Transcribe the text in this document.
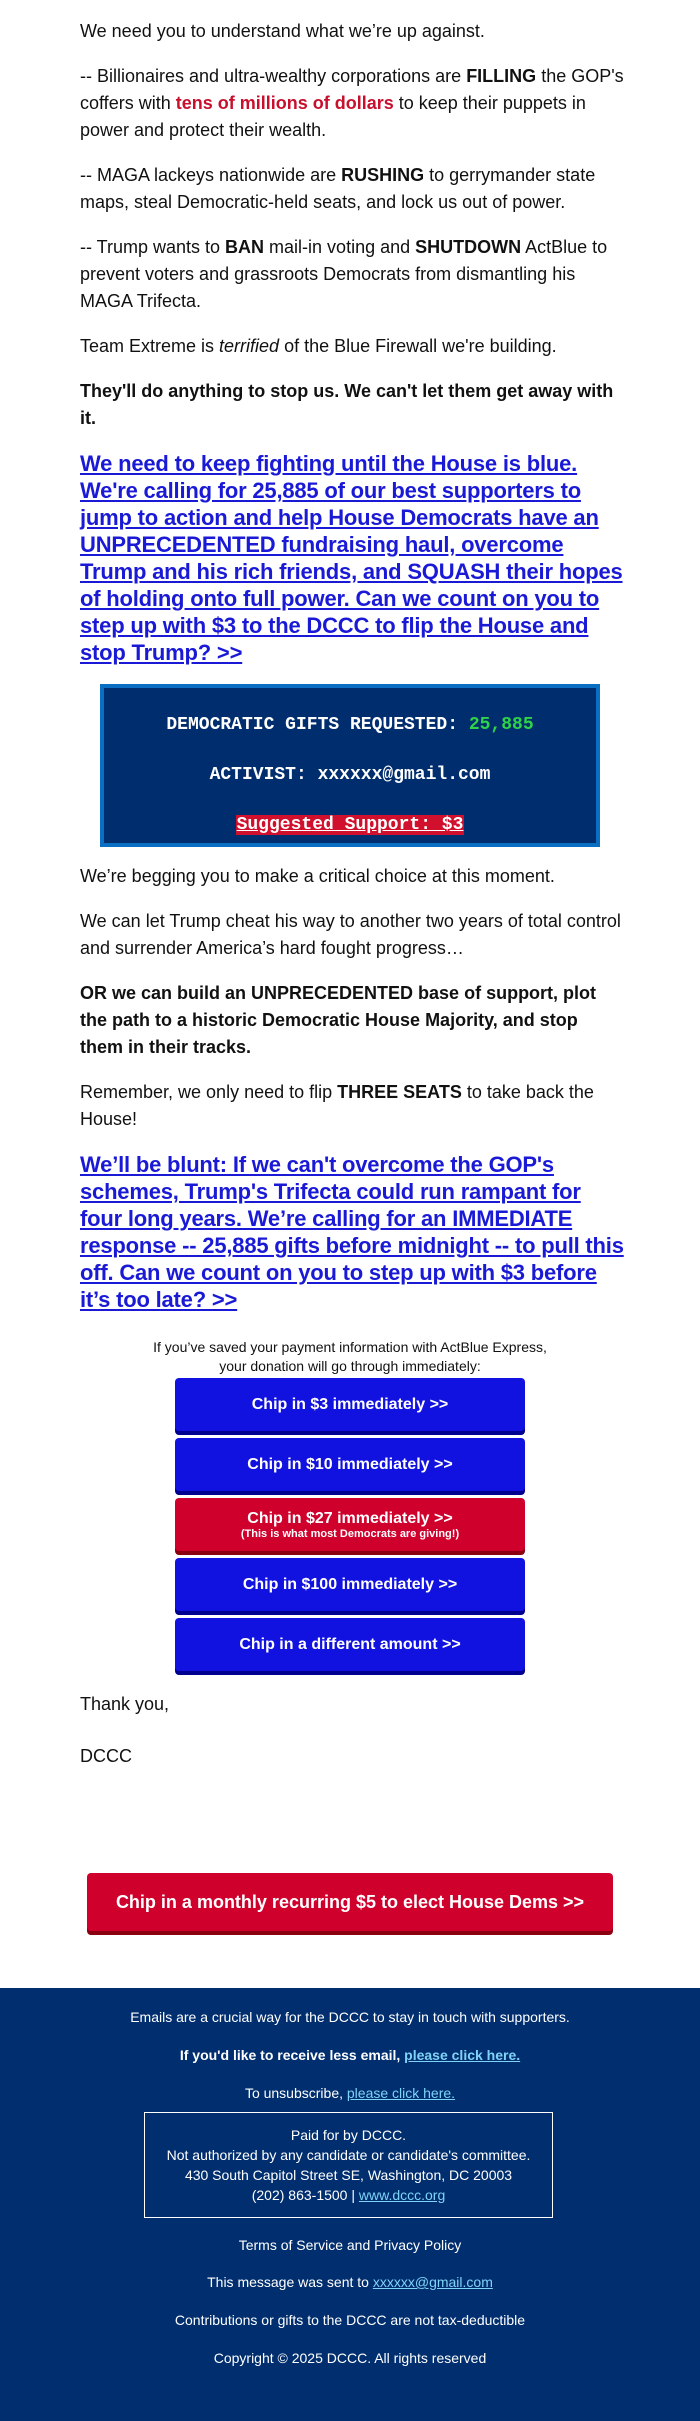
We need you to understand what we’re up against.

-- Billionaires and ultra-wealthy corporations are FILLING the GOP's coffers with tens of millions of dollars to keep their puppets in power and protect their wealth.

-- MAGA lackeys nationwide are RUSHING to gerrymander state maps, steal Democratic-held seats, and lock us out of power.

-- Trump wants to BAN mail-in voting and SHUTDOWN ActBlue to prevent voters and grassroots Democrats from dismantling his MAGA Trifecta.

Team Extreme is terrified of the Blue Firewall we're building.

They'll do anything to stop us. We can't let them get away with it.

We need to keep fighting until the House is blue. We're calling for 25,885 of our best supporters to jump to action and help House Democrats have an UNPRECEDENTED fundraising haul, overcome Trump and his rich friends, and SQUASH their hopes of holding onto full power. Can we count on you to step up with $3 to the DCCC to flip the House and stop Trump? >>
DEMOCRATIC GIFTS REQUESTED: 25,885
ACTIVIST: xxxxxx@gmail.com
Suggested Support: $3

We’re begging you to make a critical choice at this moment.

We can let Trump cheat his way to another two years of total control and surrender America’s hard fought progress…

OR we can build an UNPRECEDENTED base of support, plot the path to a historic Democratic House Majority, and stop them in their tracks.

Remember, we only need to flip THREE SEATS to take back the House!

We’ll be blunt: If we can't overcome the GOP's schemes, Trump's Trifecta could run rampant for four long years. We’re calling for an IMMEDIATE response -- 25,885 gifts before midnight -- to pull this off. Can we count on you to step up with $3 before it’s too late? >>
If you’ve saved your payment information with ActBlue Express,
your donation will go through immediately:
Chip in $3 immediately >>
Chip in $10 immediately >>
Chip in $27 immediately >>
(This is what most Democrats are giving!)
Chip in $100 immediately >>
Chip in a different amount >>
Thank you,
DCCC
Chip in a monthly recurring $5 to elect House Dems >>
Emails are a crucial way for the DCCC to stay in touch with supporters.
If you'd like to receive less email, please click here.
To unsubscribe, please click here.
Paid for by DCCC.
Not authorized by any candidate or candidate's committee.
430 South Capitol Street SE, Washington, DC 20003
(202) 863-1500 | www.dccc.org
Terms of Service and Privacy Policy
This message was sent to xxxxxx@gmail.com
Contributions or gifts to the DCCC are not tax-deductible
Copyright © 2025 DCCC. All rights reserved
